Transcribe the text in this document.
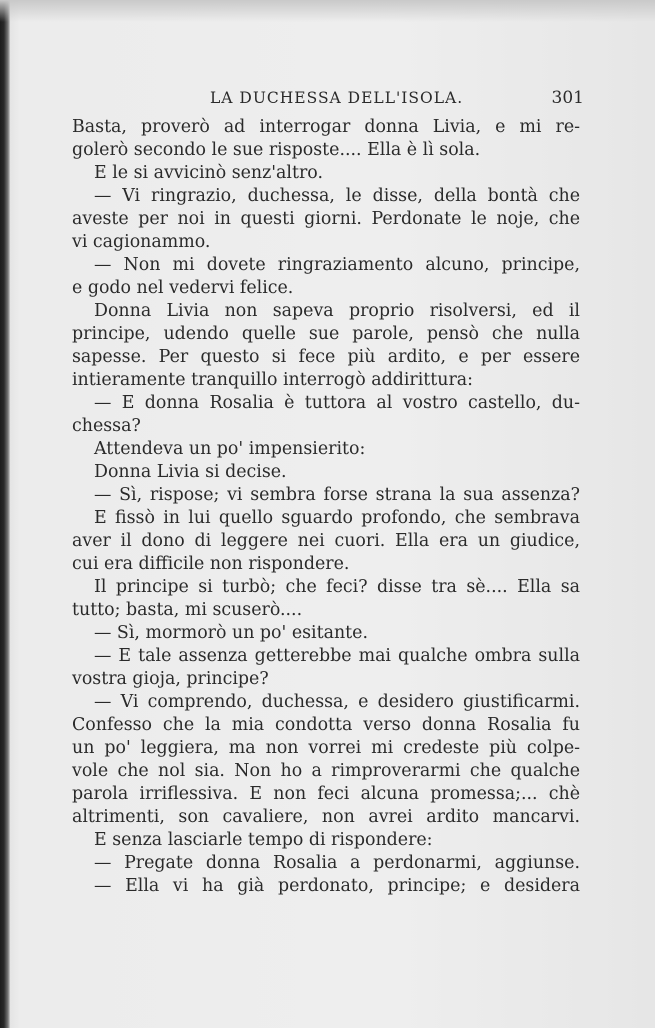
LA DUCHESSA DELL'ISOLA.	301
Basta, proverò ad interrogar donna Livia, e mi re-
golerò secondo le sue risposte.... Ella è lì sola.
E le si avvicinò senz'altro.
— Vi ringrazio, duchessa, le disse, della bontà che
aveste per noi in questi giorni. Perdonate le noje, che
vi cagionammo.
— Non mi dovete ringraziamento alcuno, principe,
e godo nel vedervi felice.
Donna Livia non sapeva proprio risolversi, ed il
principe, udendo quelle sue parole, pensò che nulla
sapesse. Per questo si fece più ardito, e per essere
intieramente tranquillo interrogò addirittura:
— E donna Rosalia è tuttora al vostro castello, du-
chessa?
Attendeva un po' impensierito:
Donna Livia si decise.
— Sì, rispose; vi sembra forse strana la sua assenza?
E fissò in lui quello sguardo profondo, che sembrava
aver il dono di leggere nei cuori. Ella era un giudice,
cui era difficile non rispondere.
Il principe si turbò; che feci? disse tra sè.... Ella sa
tutto; basta, mi scuserò....
— Sì, mormorò un po' esitante.
— E tale assenza getterebbe mai qualche ombra sulla
vostra gioja, principe?
— Vi comprendo, duchessa, e desidero giustificarmi.
Confesso che la mia condotta verso donna Rosalia fu
un po' leggiera, ma non vorrei mi credeste più colpe-
vole che nol sia. Non ho a rimproverarmi che qualche
parola irriflessiva. E non feci alcuna promessa;... chè
altrimenti, son cavaliere, non avrei ardito mancarvi.
E senza lasciarle tempo di rispondere:
— Pregate donna Rosalia a perdonarmi, aggiunse.
— Ella vi ha già perdonato, principe; e desidera
